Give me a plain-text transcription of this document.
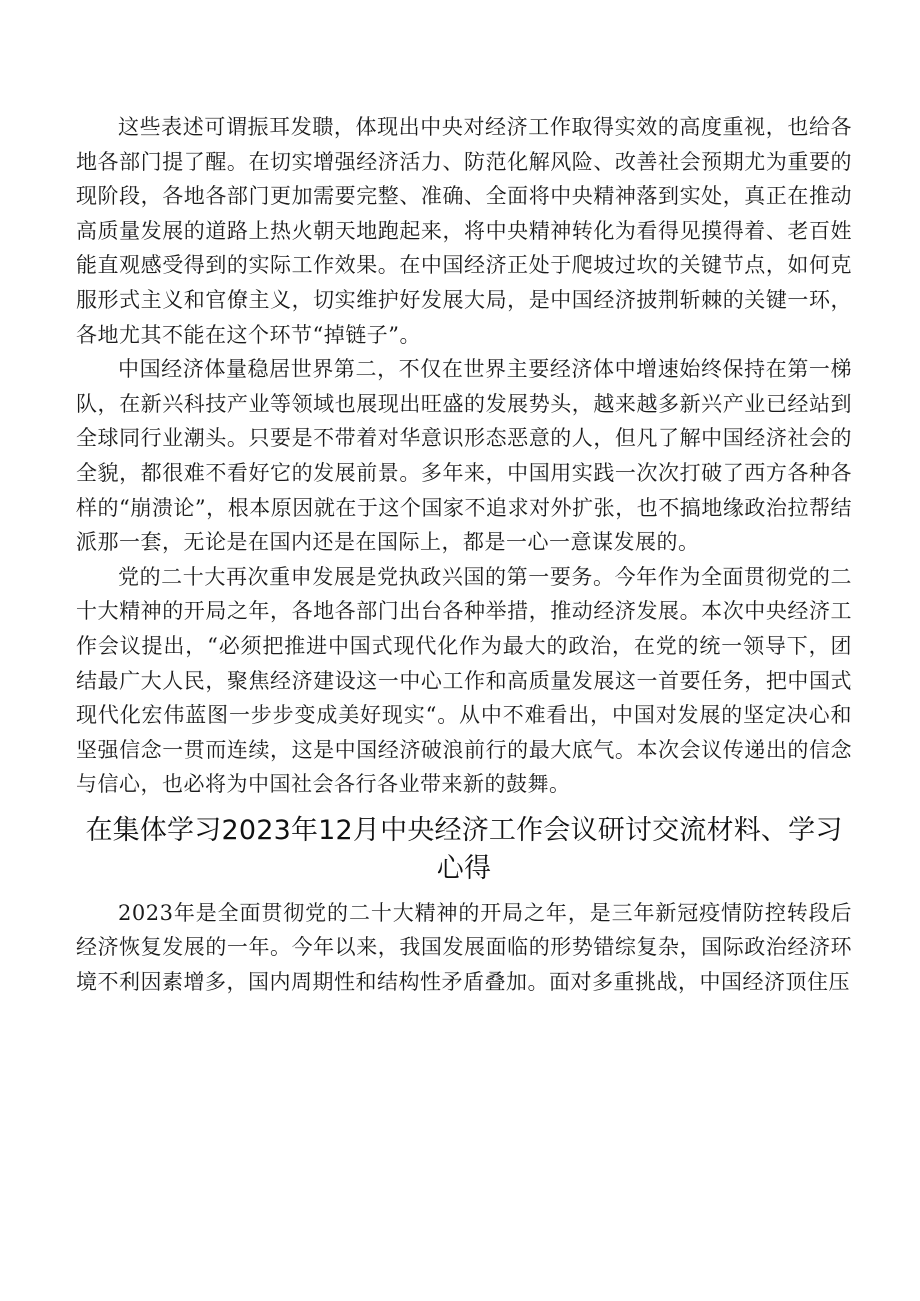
这些表述可谓振耳发聩，体现出中央对经济工作取得实效的高度重视，也给各地各部门提了醒。在切实增强经济活力、防范化解风险、改善社会预期尤为重要的现阶段，各地各部门更加需要完整、准确、全面将中央精神落到实处，真正在推动高质量发展的道路上热火朝天地跑起来，将中央精神转化为看得见摸得着、老百姓能直观感受得到的实际工作效果。在中国经济正处于爬坡过坎的关键节点，如何克服形式主义和官僚主义，切实维护好发展大局，是中国经济披荆斩棘的关键一环，各地尤其不能在这个环节“掉链子”。

中国经济体量稳居世界第二，不仅在世界主要经济体中增速始终保持在第一梯队，在新兴科技产业等领域也展现出旺盛的发展势头，越来越多新兴产业已经站到全球同行业潮头。只要是不带着对华意识形态恶意的人，但凡了解中国经济社会的全貌，都很难不看好它的发展前景。多年来，中国用实践一次次打破了西方各种各样的“崩溃论”，根本原因就在于这个国家不追求对外扩张，也不搞地缘政治拉帮结派那一套，无论是在国内还是在国际上，都是一心一意谋发展的。

党的二十大再次重申发展是党执政兴国的第一要务。今年作为全面贯彻党的二十大精神的开局之年，各地各部门出台各种举措，推动经济发展。本次中央经济工作会议提出，“必须把推进中国式现代化作为最大的政治，在党的统一领导下，团结最广大人民，聚焦经济建设这一中心工作和高质量发展这一首要任务，把中国式现代化宏伟蓝图一步步变成美好现实“。从中不难看出，中国对发展的坚定决心和坚强信念一贯而连续，这是中国经济破浪前行的最大底气。本次会议传递出的信念与信心，也必将为中国社会各行各业带来新的鼓舞。

在集体学习2023年12月中央经济工作会议研讨交流材料、学习心得

2023年是全面贯彻党的二十大精神的开局之年，是三年新冠疫情防控转段后经济恢复发展的一年。今年以来，我国发展面临的形势错综复杂，国际政治经济环境不利因素增多，国内周期性和结构性矛盾叠加。面对多重挑战，中国经济顶住压
